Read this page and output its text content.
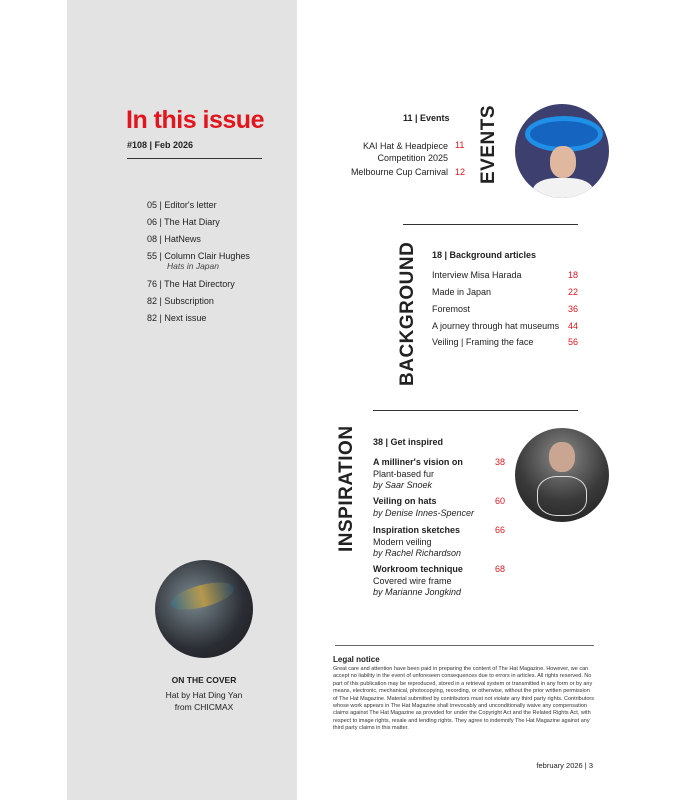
In this issue
#108 | Feb 2026
05 | Editor's letter
06 | The Hat Diary
08 | HatNews
55 | Column Clair Hughes
Hats in Japan
76 | The Hat Directory
82 | Subscription
82 | Next issue
ON THE COVER
Hat by Hat Ding Yan
from CHICMAX
11 | Events
KAI Hat & Headpiece
Competition 2025
11
Melbourne Cup Carnival 12 EVENTS
BACKGROUND 18 | Background articles
Interview Misa Harada	18
Made in Japan	22
Foremost	36
A journey through hat museums 44
Veiling | Framing the face	56
INSPIRATION 38 | Get inspired
A milliner's vision on
Plant-based fur
by Saar Snoek
38
Veiling on hats
by Denise Innes-Spencer
60
Inspiration sketches
Modern veiling
by Rachel Richardson
66
Workroom technique
Covered wire frame
by Marianne Jongkind
68
Legal notice
Great care and attention have been paid in preparing the content of The Hat Magazine. However, we can accept no liability in the event of unforeseen consequences due to errors in articles. All rights reserved. No part of this publication may be reproduced, stored in a retrieval system or transmitted in any form or by any means, electronic, mechanical, photocopying, recording, or otherwise, without the prior written permission of The Hat Magazine. Material submitted by contributors must not violate any third party rights. Contributors whose work appears in The Hat Magazine shall irrevocably and unconditionally waive any compensation claims against The Hat Magazine as provided for under the Copyright Act and the Related Rights Act, with respect to image rights, resale and lending rights. They agree to indemnify The Hat Magazine against any third party claims in this matter.
february 2026 | 3
